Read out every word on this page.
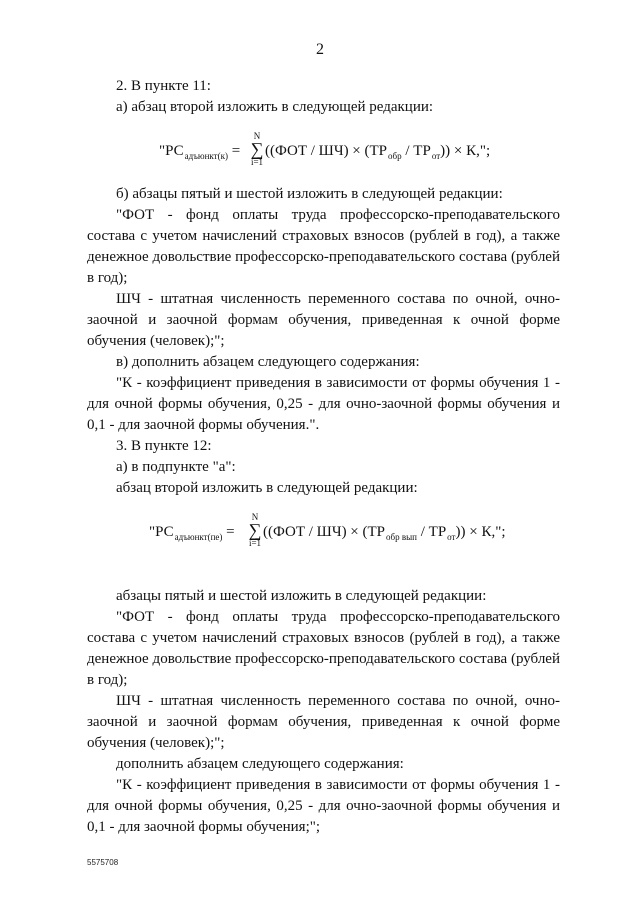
2

2. В пункте 11:

а) абзац второй изложить в следующей редакции:

"$РС_{адъюнкт(к)}$ =
N
∑
i=1
$((ФОТ / ШЧ) \times (ТР_{обр} / ТР_{от})) \times К$,";

б) абзацы пятый и шестой изложить в следующей редакции:

"ФОТ - фонд оплаты труда профессорско-преподавательского состава с учетом начислений страховых взносов (рублей в год), а также денежное довольствие профессорско-преподавательского состава (рублей в год);

ШЧ - штатная численность переменного состава по очной, очно-заочной и заочной формам обучения, приведенная к очной форме обучения (человек);";

в) дополнить абзацем следующего содержания:

"К - коэффициент приведения в зависимости от формы обучения 1 - для очной формы обучения, 0,25 - для очно-заочной формы обучения и 0,1 - для заочной формы обучения.".

3. В пункте 12:

а) в подпункте "а":

абзац второй изложить в следующей редакции:

"$РС_{адъюнкт(пе)}$ =
N
∑
i=1
$((ФОТ / ШЧ) \times (ТР_{обр вып} / ТР_{от})) \times К$,";

абзацы пятый и шестой изложить в следующей редакции:

"ФОТ - фонд оплаты труда профессорско-преподавательского состава с учетом начислений страховых взносов (рублей в год), а также денежное довольствие профессорско-преподавательского состава (рублей в год);

ШЧ - штатная численность переменного состава по очной, очно-заочной и заочной формам обучения, приведенная к очной форме обучения (человек);";

дополнить абзацем следующего содержания:

"К - коэффициент приведения в зависимости от формы обучения 1 - для очной формы обучения, 0,25 - для очно-заочной формы обучения и 0,1 - для заочной формы обучения;";

5575708
